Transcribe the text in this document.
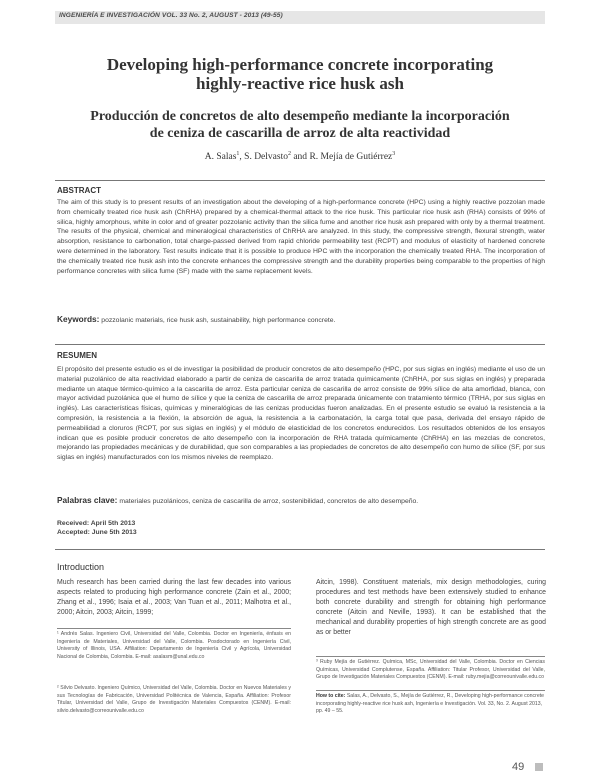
INGENIERÍA E INVESTIGACIÓN VOL. 33 No. 2, AUGUST - 2013 (49-55)
Developing high-performance concrete incorporating
highly-reactive rice husk ash
Producción de concretos de alto desempeño mediante la incorporación
de ceniza de cascarilla de arroz de alta reactividad
A. Salas$^1$, S. Delvasto$^2$ and R. Mejía de Gutiérrez$^3$
ABSTRACT
The aim of this study is to present results of an investigation about the developing of a high-performance concrete (HPC) using a highly reactive pozzolan made from chemically treated rice husk ash (ChRHA) prepared by a chemical-thermal attack to the rice husk. This particular rice husk ash (RHA) consists of 99% of silica, highly amorphous, white in color and of greater pozzolanic activity than the silica fume and another rice husk ash prepared with only by a thermal treatment. The results of the physical, chemical and mineralogical characteristics of ChRHA are analyzed. In this study, the compressive strength, flexural strength, water absorption, resistance to carbonation, total charge-passed derived from rapid chloride permeability test (RCPT) and modulus of elasticity of hardened concrete were determined in the laboratory. Test results indicate that it is possible to produce HPC with the incorporation the chemically treated RHA. The incorporation of the chemically treated rice husk ash into the concrete enhances the compressive strength and the durability properties being comparable to the properties of high performance concretes with silica fume (SF) made with the same replacement levels.
Keywords: pozzolanic materials, rice husk ash, sustainability, high performance concrete.
RESUMEN
El propósito del presente estudio es el de investigar la posibilidad de producir concretos de alto desempeño (HPC, por sus siglas en inglés) mediante el uso de un material puzolánico de alta reactividad elaborado a partir de ceniza de cascarilla de arroz tratada químicamente (ChRHA, por sus siglas en inglés) y preparada mediante un ataque térmico-químico a la cascarilla de arroz. Esta particular ceniza de cascarilla de arroz consiste de 99% sílice de alta amorfidad, blanca, con mayor actividad puzolánica que el humo de sílice y que la ceniza de cascarilla de arroz preparada únicamente con tratamiento térmico (TRHA, por sus siglas en inglés). Las características físicas, químicas y mineralógicas de las cenizas producidas fueron analizadas. En el presente estudio se evaluó la resistencia a la compresión, la resistencia a la flexión, la absorción de agua, la resistencia a la carbonatación, la carga total que pasa, derivada del ensayo rápido de permeabilidad a cloruros (RCPT, por sus siglas en inglés) y el módulo de elasticidad de los concretos endurecidos. Los resultados obtenidos de los ensayos indican que es posible producir concretos de alto desempeño con la incorporación de RHA tratada químicamente (ChRHA) en las mezclas de concretos, mejorando las propiedades mecánicas y de durabilidad, que son comparables a las propiedades de concretos de alto desempeño con humo de sílice (SF, por sus siglas en inglés) manufacturados con los mismos niveles de reemplazo.
Palabras clave: materiales puzolánicos, ceniza de cascarilla de arroz, sostenibilidad, concretos de alto desempeño.
Received: April 5th 2013
Accepted: June 5th 2013
Introduction
Much research has been carried during the last few decades into various aspects related to producing high performance concrete (Zain et al., 2000; Zhang et al., 1996; Isaia et al., 2003; Van Tuan et al., 2011; Malhotra et al., 2000; Aitcin, 2003; Aitcin, 1999;
Aitcin, 1998). Constituent materials, mix design methodologies, curing procedures and test methods have been extensively studied to enhance both concrete durability and strength for obtaining high performance concrete (Aitcin and Neville, 1993). It can be established that the mechanical and durability properties of high strength concrete are as good as or better
¹ Andrés Salas. Ingeniero Civil, Universidad del Valle, Colombia. Doctor en Ingeniería, énfasis en Ingeniería de Materiales, Universidad del Valle, Colombia. Posdoctorado en Ingeniería Civil, University of Illinois, USA. Affiliation: Departamento de Ingeniería Civil y Agrícola, Universidad Nacional de Colombia, Colombia. E-mail: asalasm@unal.edu.co
² Silvio Delvasto. Ingeniero Químico, Universidad del Valle, Colombia. Doctor en Nuevos Materiales y sus Tecnologías de Fabricación, Universidad Politécnica de Valencia, España. Affiliation: Profesor Titular, Universidad del Valle, Grupo de Investigación Materiales Compuestos (CENM). E-mail: silvio.delvasto@correounivalle.edu.co
³ Ruby Mejía de Gutiérrez. Química, MSc, Universidad del Valle, Colombia. Doctor en Ciencias Químicas, Universidad Complutense, España. Affiliation: Titular Profesor, Universidad del Valle, Grupo de Investigación Materiales Compuestos (CENM). E-mail: ruby.mejia@correounivalle.edu.co
How to cite: Salas, A., Delvasto, S., Mejía de Gutiérrez, R., Developing high-performance concrete incorporating highly-reactive rice husk ash, Ingeniería e Investigación. Vol. 33, No. 2. August 2013, pp. 49 – 55.
49
